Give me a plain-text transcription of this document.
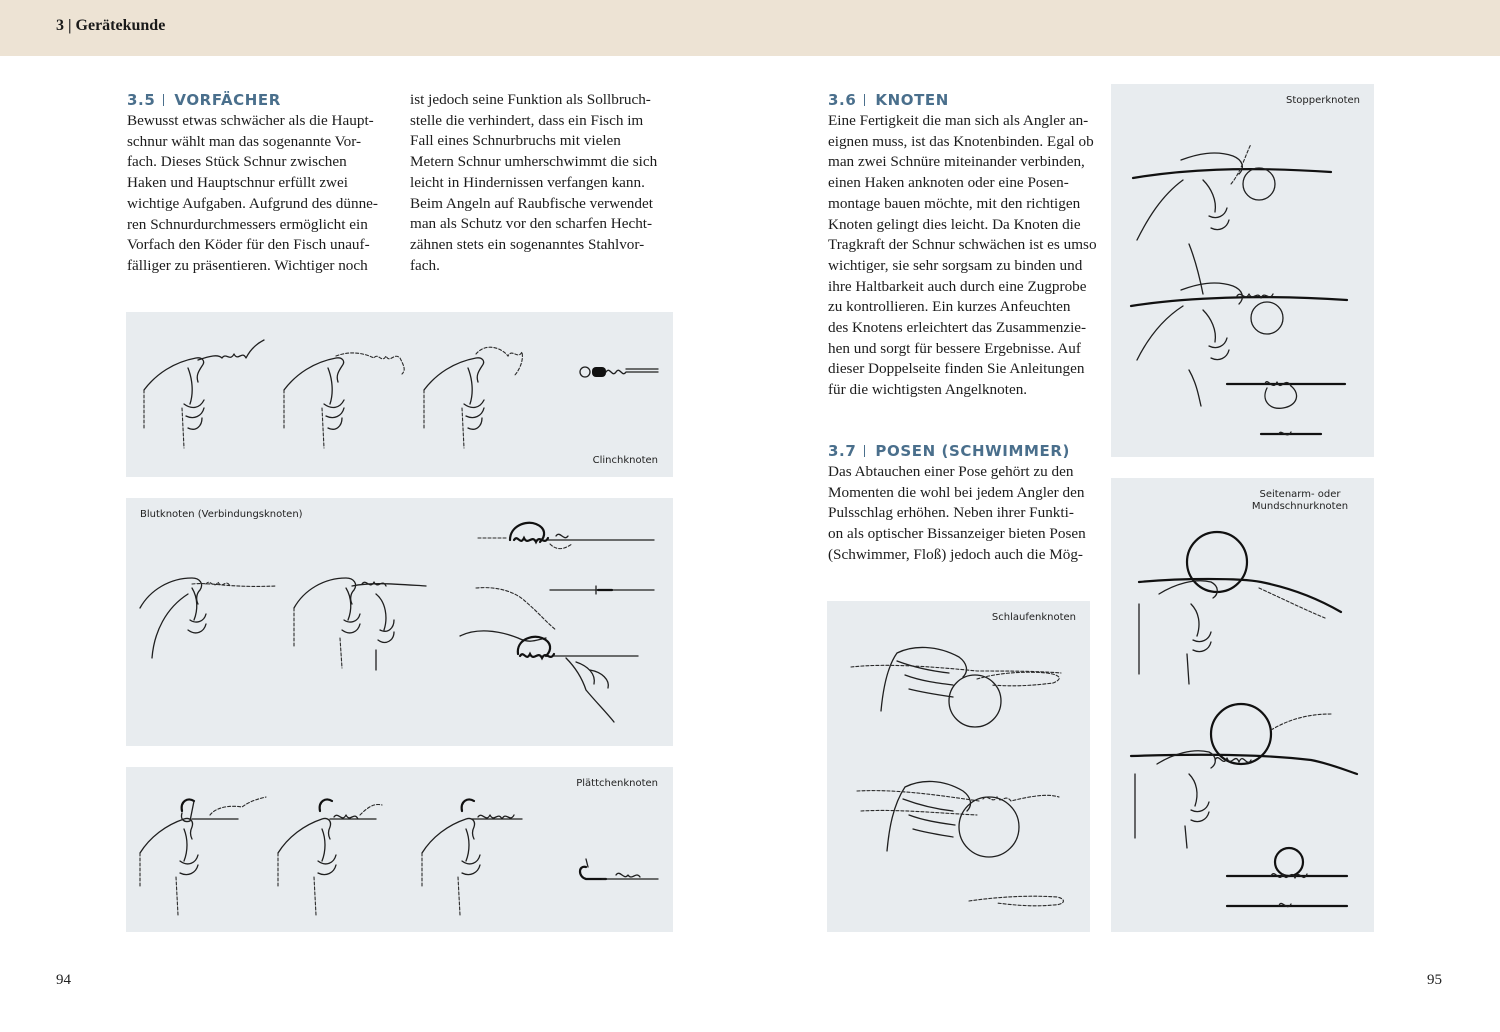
3 | Gerätekunde
3.5 VORFÄCHER
Bewusst etwas schwächer als die Haupt-
schnur wählt man das sogenannte Vor-
fach. Dieses Stück Schnur zwischen
Haken und Hauptschnur erfüllt zwei
wichtige Aufgaben. Aufgrund des dünne-
ren Schnurdurchmessers ermöglicht ein
Vorfach den Köder für den Fisch unauf-
fälliger zu präsentieren. Wichtiger noch
ist jedoch seine Funktion als Sollbruch-
stelle die verhindert, dass ein Fisch im
Fall eines Schnurbruchs mit vielen
Metern Schnur umherschwimmt die sich
leicht in Hindernissen verfangen kann.
Beim Angeln auf Raubfische verwendet
man als Schutz vor den scharfen Hecht-
zähnen stets ein sogenanntes Stahlvor-
fach.
Clinchknoten
Blutknoten (Verbindungsknoten)
Plättchenknoten
94
3.6 KNOTEN
Eine Fertigkeit die man sich als Angler an-
eignen muss, ist das Knotenbinden. Egal ob
man zwei Schnüre miteinander verbinden,
einen Haken anknoten oder eine Posen-
montage bauen möchte, mit den richtigen
Knoten gelingt dies leicht. Da Knoten die
Tragkraft der Schnur schwächen ist es umso
wichtiger, sie sehr sorgsam zu binden und
ihre Haltbarkeit auch durch eine Zugprobe
zu kontrollieren. Ein kurzes Anfeuchten
des Knotens erleichtert das Zusammenzie-
hen und sorgt für bessere Ergebnisse. Auf
dieser Doppelseite finden Sie Anleitungen
für die wichtigsten Angelknoten.
3.7 POSEN (SCHWIMMER)
Das Abtauchen einer Pose gehört zu den
Momenten die wohl bei jedem Angler den
Pulsschlag erhöhen. Neben ihrer Funkti-
on als optischer Bissanzeiger bieten Posen
(Schwimmer, Floß) jedoch auch die Mög-
Schlaufenknoten
Stopperknoten
Seitenarm- oder
Mundschnurknoten
95
